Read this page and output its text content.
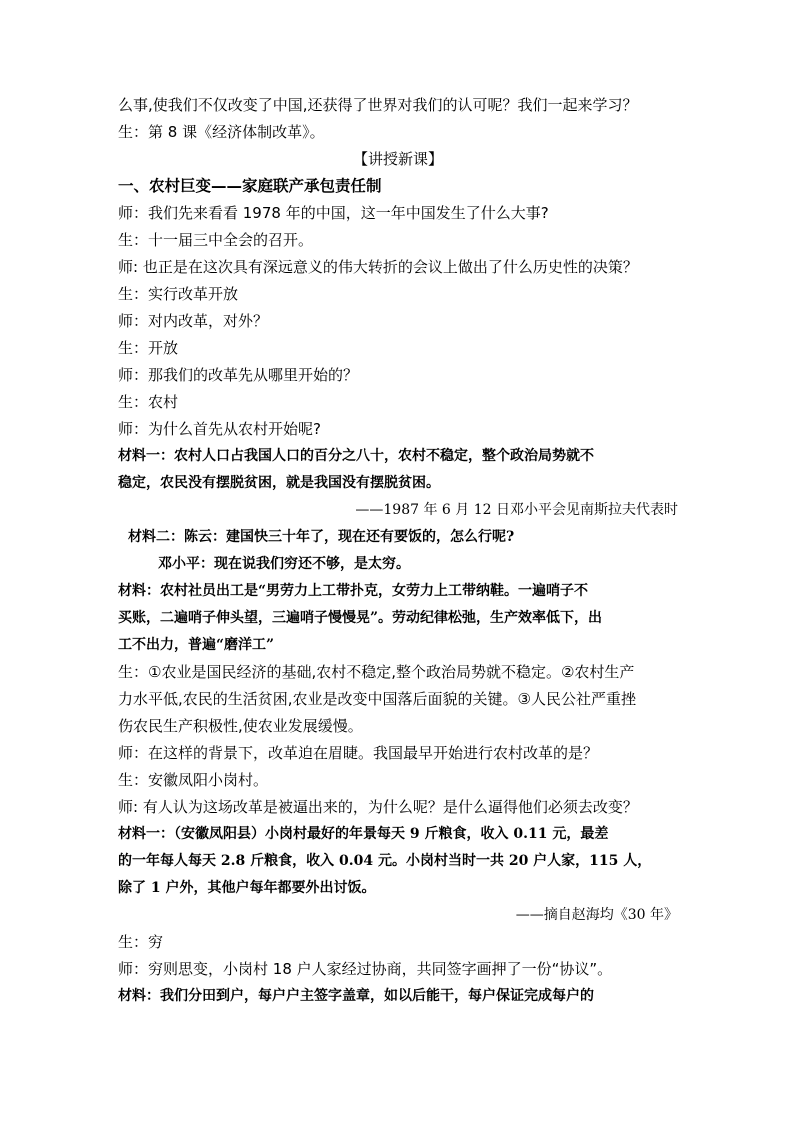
么事,使我们不仅改变了中国,还获得了世界对我们的认可呢？我们一起来学习？
生：第 8 课《经济体制改革》。
【讲授新课】
一、农村巨变——家庭联产承包责任制
师：我们先来看看 1978 年的中国，这一年中国发生了什么大事?
生：十一届三中全会的召开。
师: 也正是在这次具有深远意义的伟大转折的会议上做出了什么历史性的决策？
生：实行改革开放
师：对内改革，对外？
生：开放
师：那我们的改革先从哪里开始的？
生：农村
师：为什么首先从农村开始呢?
材料一：农村人口占我国人口的百分之八十，农村不稳定，整个政治局势就不
稳定，农民没有摆脱贫困，就是我国没有摆脱贫困。
——1987 年 6 月 12 日邓小平会见南斯拉夫代表时
材料二：陈云：建国快三十年了，现在还有要饭的，怎么行呢?
邓小平：现在说我们穷还不够，是太穷。
材料：农村社员出工是“男劳力上工带扑克，女劳力上工带纳鞋。一遍哨子不
买账，二遍哨子伸头望，三遍哨子慢慢晃”。劳动纪律松弛，生产效率低下，出
工不出力，普遍“磨洋工”
生：①农业是国民经济的基础,农村不稳定,整个政治局势就不稳定。②农村生产
力水平低,农民的生活贫困,农业是改变中国落后面貌的关键。③人民公社严重挫
伤农民生产积极性,使农业发展缓慢。
师：在这样的背景下，改革迫在眉睫。我国最早开始进行农村改革的是？
生：安徽凤阳小岗村。
师: 有人认为这场改革是被逼出来的，为什么呢？是什么逼得他们必须去改变？
材料一：（安徽凤阳县）小岗村最好的年景每天 9 斤粮食，收入 0.11 元，最差
的一年每人每天 2.8 斤粮食，收入 0.04 元。小岗村当时一共 20 户人家，115 人，
除了 1 户外，其他户每年都要外出讨饭。
——摘自赵海均《30 年》
生：穷
师：穷则思变，小岗村 18 户人家经过协商，共同签字画押了一份“协议”。
材料：我们分田到户，每户户主签字盖章，如以后能干，每户保证完成每户的
